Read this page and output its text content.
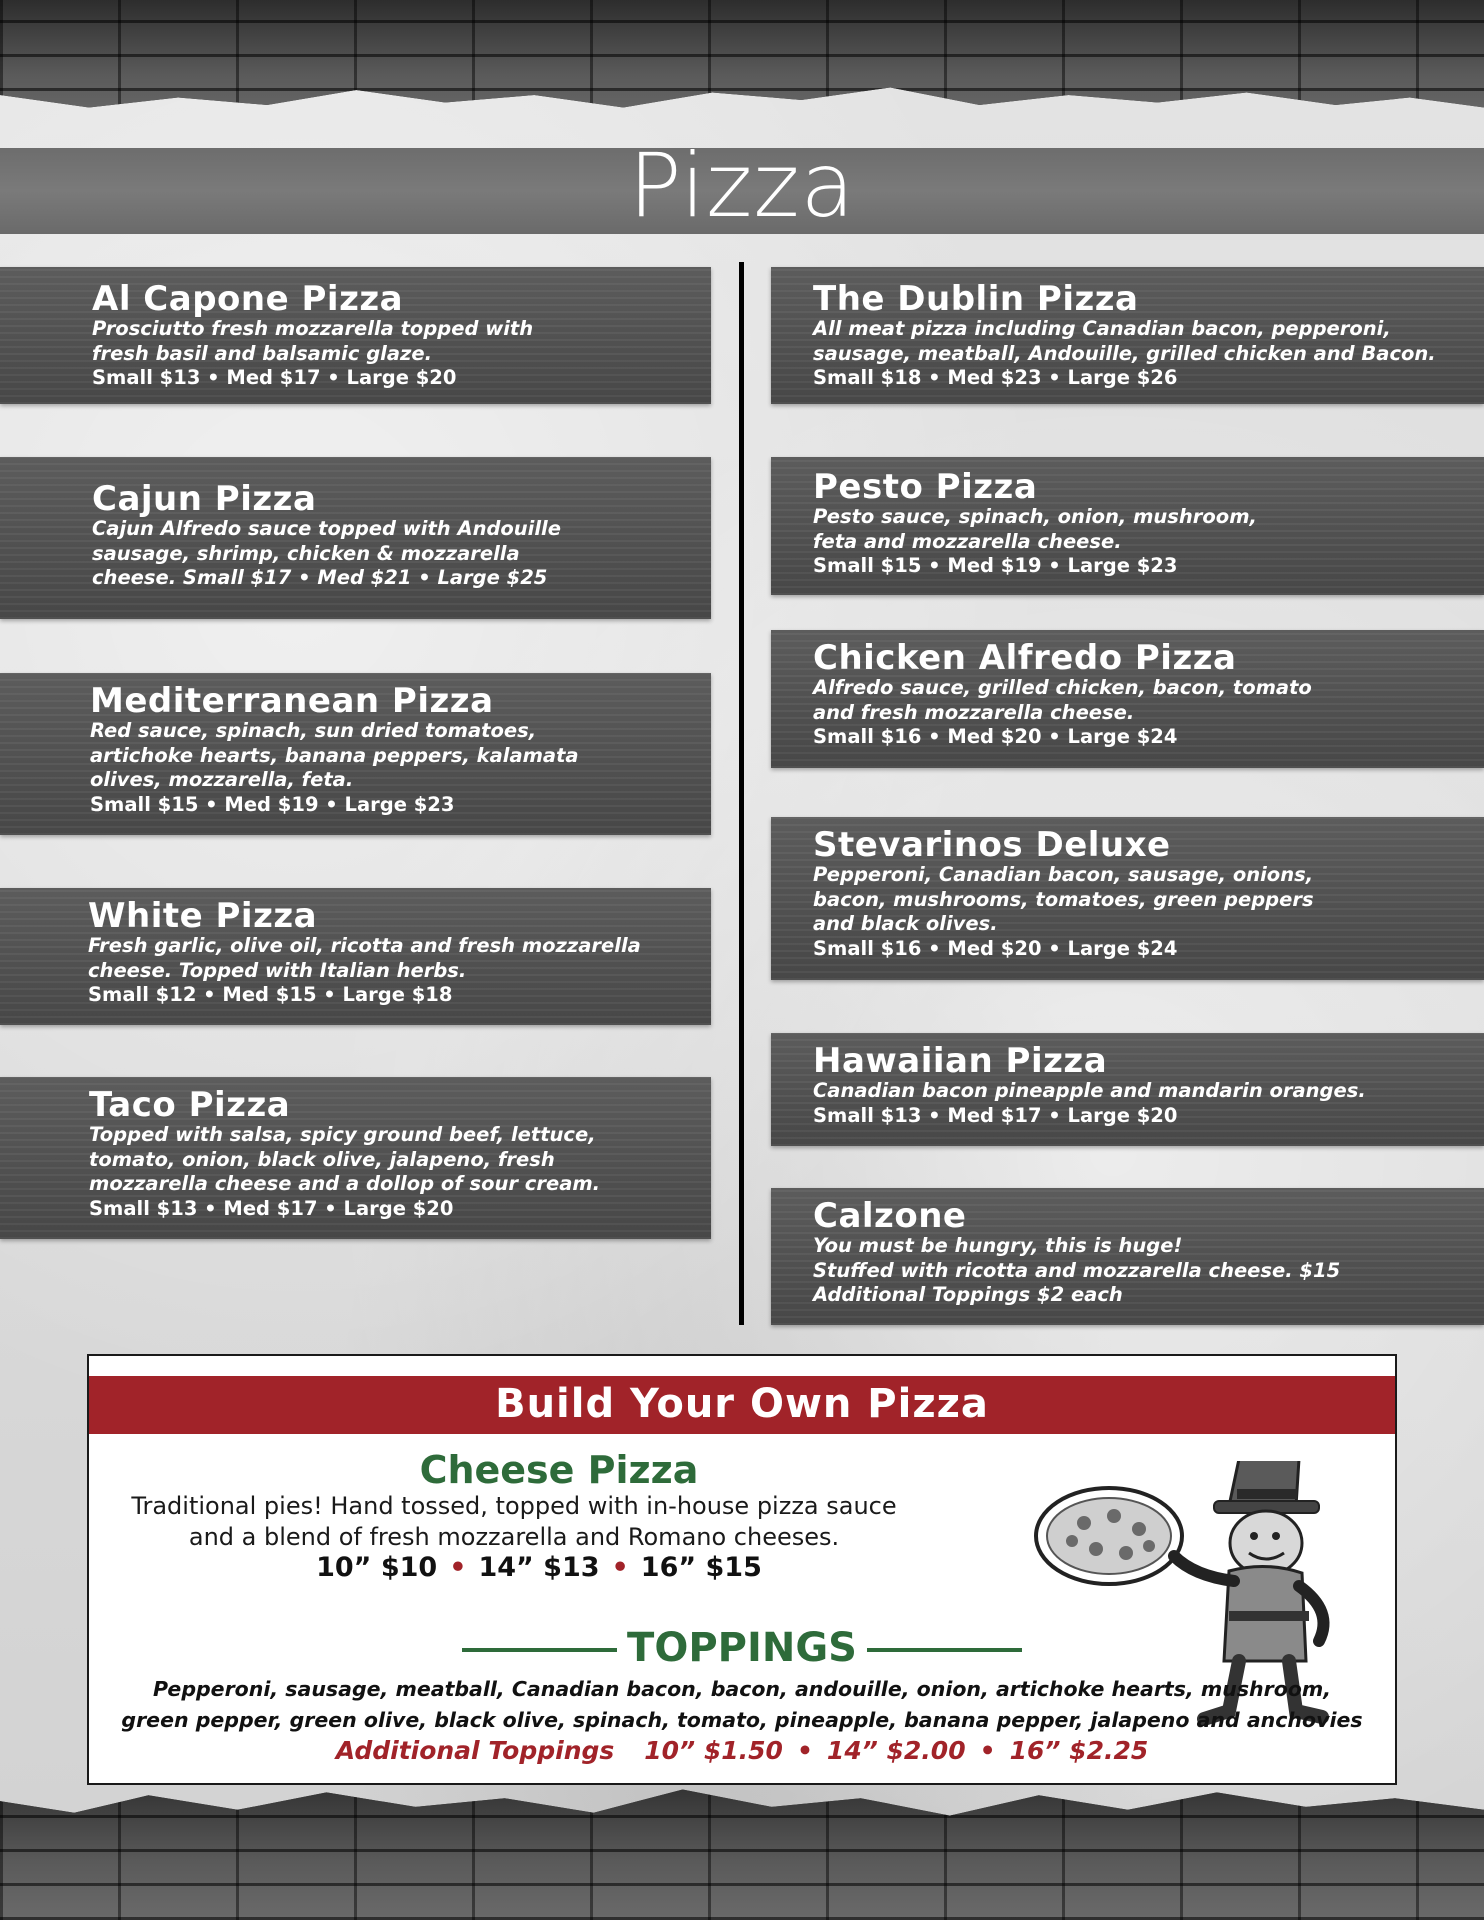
Pizza
Al Capone Pizza
Prosciutto fresh mozzarella topped with
fresh basil and balsamic glaze.
Small $13 • Med $17 • Large $20
Cajun Pizza
Cajun Alfredo sauce topped with Andouille
sausage, shrimp, chicken & mozzarella
cheese. Small $17 • Med $21 • Large $25
Mediterranean Pizza
Red sauce, spinach, sun dried tomatoes,
artichoke hearts, banana peppers, kalamata
olives, mozzarella, feta.
Small $15 • Med $19 • Large $23
White Pizza
Fresh garlic, olive oil, ricotta and fresh mozzarella
cheese. Topped with Italian herbs.
Small $12 • Med $15 • Large $18
Taco Pizza
Topped with salsa, spicy ground beef, lettuce,
tomato, onion, black olive, jalapeno, fresh
mozzarella cheese and a dollop of sour cream.
Small $13 • Med $17 • Large $20
The Dublin Pizza
All meat pizza including Canadian bacon, pepperoni,
sausage, meatball, Andouille, grilled chicken and Bacon.
Small $18 • Med $23 • Large $26
Pesto Pizza
Pesto sauce, spinach, onion, mushroom,
feta and mozzarella cheese.
Small $15 • Med $19 • Large $23
Chicken Alfredo Pizza
Alfredo sauce, grilled chicken, bacon, tomato
and fresh mozzarella cheese.
Small $16 • Med $20 • Large $24
Stevarinos Deluxe
Pepperoni, Canadian bacon, sausage, onions,
bacon, mushrooms, tomatoes, green peppers
and black olives.
Small $16 • Med $20 • Large $24
Hawaiian Pizza
Canadian bacon pineapple and mandarin oranges.
Small $13 • Med $17 • Large $20
Calzone
You must be hungry, this is huge!
Stuffed with ricotta and mozzarella cheese. $15
Additional Toppings $2 each
Build Your Own Pizza
Cheese Pizza
Traditional pies! Hand tossed, topped with in-house pizza sauce
and a blend of fresh mozzarella and Romano cheeses.
10” $10 • 14” $13 • 16” $15
TOPPINGS
Pepperoni, sausage, meatball, Canadian bacon, bacon, andouille, onion, artichoke hearts, mushroom,
green pepper, green olive, black olive, spinach, tomato, pineapple, banana pepper, jalapeno and anchovies
Additional Toppings 10” $1.50 • 14” $2.00 • 16” $2.25
